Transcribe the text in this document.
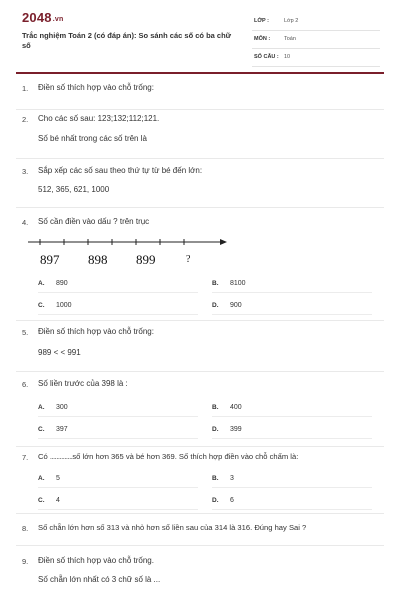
2048.vn
Trắc nghiệm Toán 2 (có đáp án): So sánh các số có ba chữ số
LỚP :	Lớp 2
MÔN :	Toán
SỐ CÂU : 10
1. Điền số thích hợp vào chỗ trống:
2. Cho các số sau: 123;132;112;121.
Số bé nhất trong các số trên là
3. Sắp xếp các số sau theo thứ tự từ bé đến lớn:
512, 365, 621, 1000
4. Số cần điền vào dấu ? trên trục
A. 890	B. 8100
C. 1000	D. 900
897 898 899	?
5. Điền số thích hợp vào chỗ trống:
989 < < 991
6. Số liền trước của 398 là :
A. 300	B. 400
C. 397	D. 399
7. Có ..............số lớn hơn 365 và bé hơn 369. Số thích hợp điền vào chỗ chấm là:
A. 5	B. 3
C. 4	D. 6
8. Số chẵn lớn hơn số 313 và nhỏ hơn số liền sau của 314 là 316. Đúng hay Sai ?
9. Điền số thích hợp vào chỗ trống.
Số chẵn lớn nhất có 3 chữ số là ...
